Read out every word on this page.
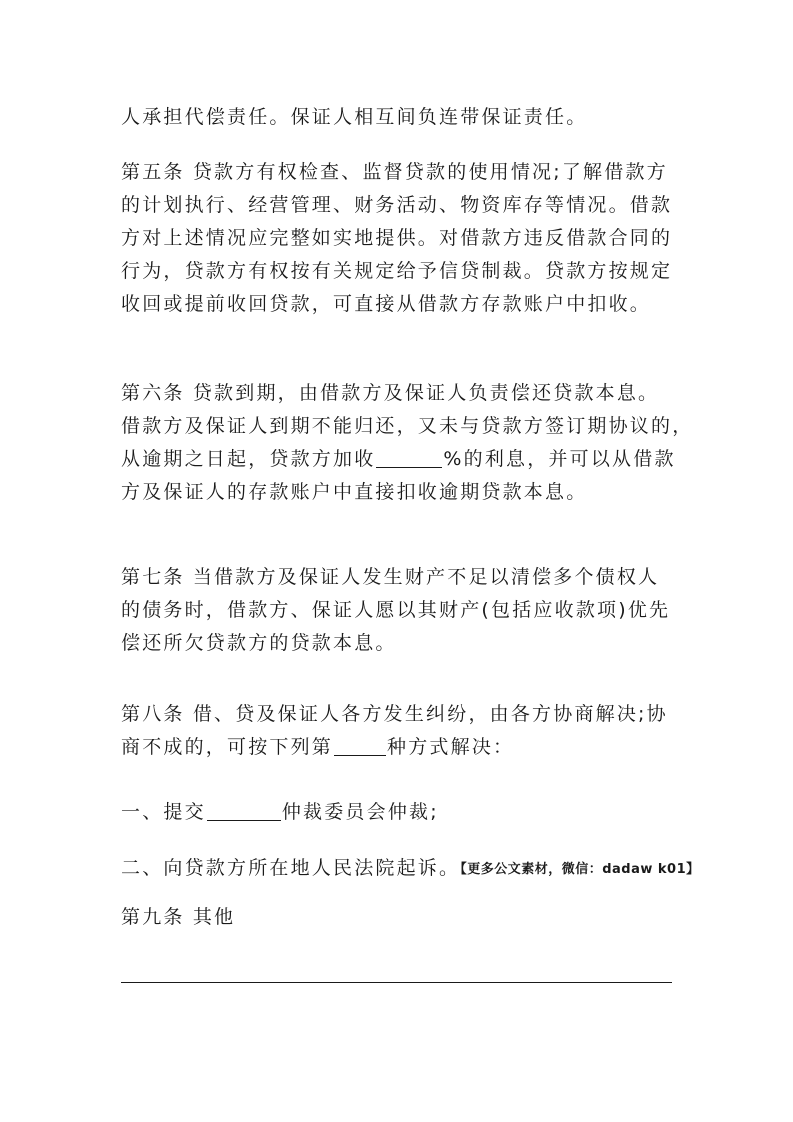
人承担代偿责任。保证人相互间负连带保证责任。

第五条 贷款方有权检查、监督贷款的使用情况;了解借款方
的计划执行、经营管理、财务活动、物资库存等情况。借款
方对上述情况应完整如实地提供。对借款方违反借款合同的
行为，贷款方有权按有关规定给予信贷制裁。贷款方按规定
收回或提前收回贷款，可直接从借款方存款账户中扣收。

第六条 贷款到期，由借款方及保证人负责偿还贷款本息。
借款方及保证人到期不能归还，又未与贷款方签订期协议的，
从逾期之日起，贷款方加收	%的利息，并可以从借款
方及保证人的存款账户中直接扣收逾期贷款本息。

第七条 当借款方及保证人发生财产不足以清偿多个债权人
的债务时，借款方、保证人愿以其财产(包括应收款项)优先
偿还所欠贷款方的贷款本息。

第八条 借、贷及保证人各方发生纠纷，由各方协商解决;协
商不成的，可按下列第	种方式解决：

一、提交	仲裁委员会仲裁;

二、向贷款方所在地人民法院起诉。【更多公文素材，微信：dadaw k01】

第九条 其他
